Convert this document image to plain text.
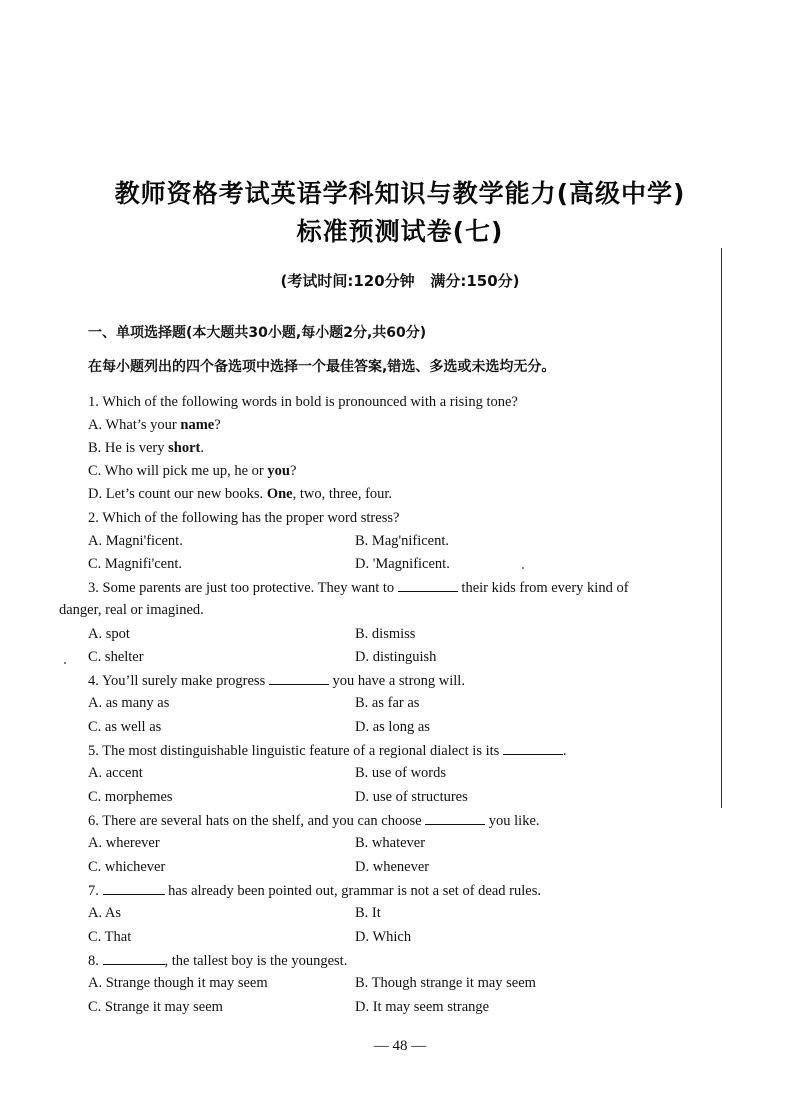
教师资格考试英语学科知识与教学能力(高级中学)
标准预测试卷(七)
(考试时间:120分钟   满分:150分)
一、单项选择题(本大题共30小题,每小题2分,共60分)
在每小题列出的四个备选项中选择一个最佳答案,错选、多选或未选均无分。
1. Which of the following words in bold is pronounced with a rising tone?
A. What’s your name?
B. He is very short.
C. Who will pick me up, he or you?
D. Let’s count our new books. One, two, three, four.
2. Which of the following has the proper word stress?
A. Magni'ficent.	B. Mag'nificent.
C. Magnifi'cent.	D. 'Magnificent.
3. Some parents are just too protective. They want to	their kids from every kind of
danger, real or imagined.
A. spot	B. dismiss
C. shelter	D. distinguish
4. You’ll surely make progress	you have a strong will.
A. as many as	B. as far as
C. as well as	D. as long as
5. The most distinguishable linguistic feature of a regional dialect is its	.
A. accent	B. use of words
C. morphemes	D. use of structures
6. There are several hats on the shelf, and you can choose	you like.
A. wherever	B. whatever
C. whichever	D. whenever
7.	has already been pointed out, grammar is not a set of dead rules.
A. As	B. It
C. That	D. Which
8.	, the tallest boy is the youngest.
A. Strange though it may seem	B. Though strange it may seem
C. Strange it may seem	D. It may seem strange
— 48 —
